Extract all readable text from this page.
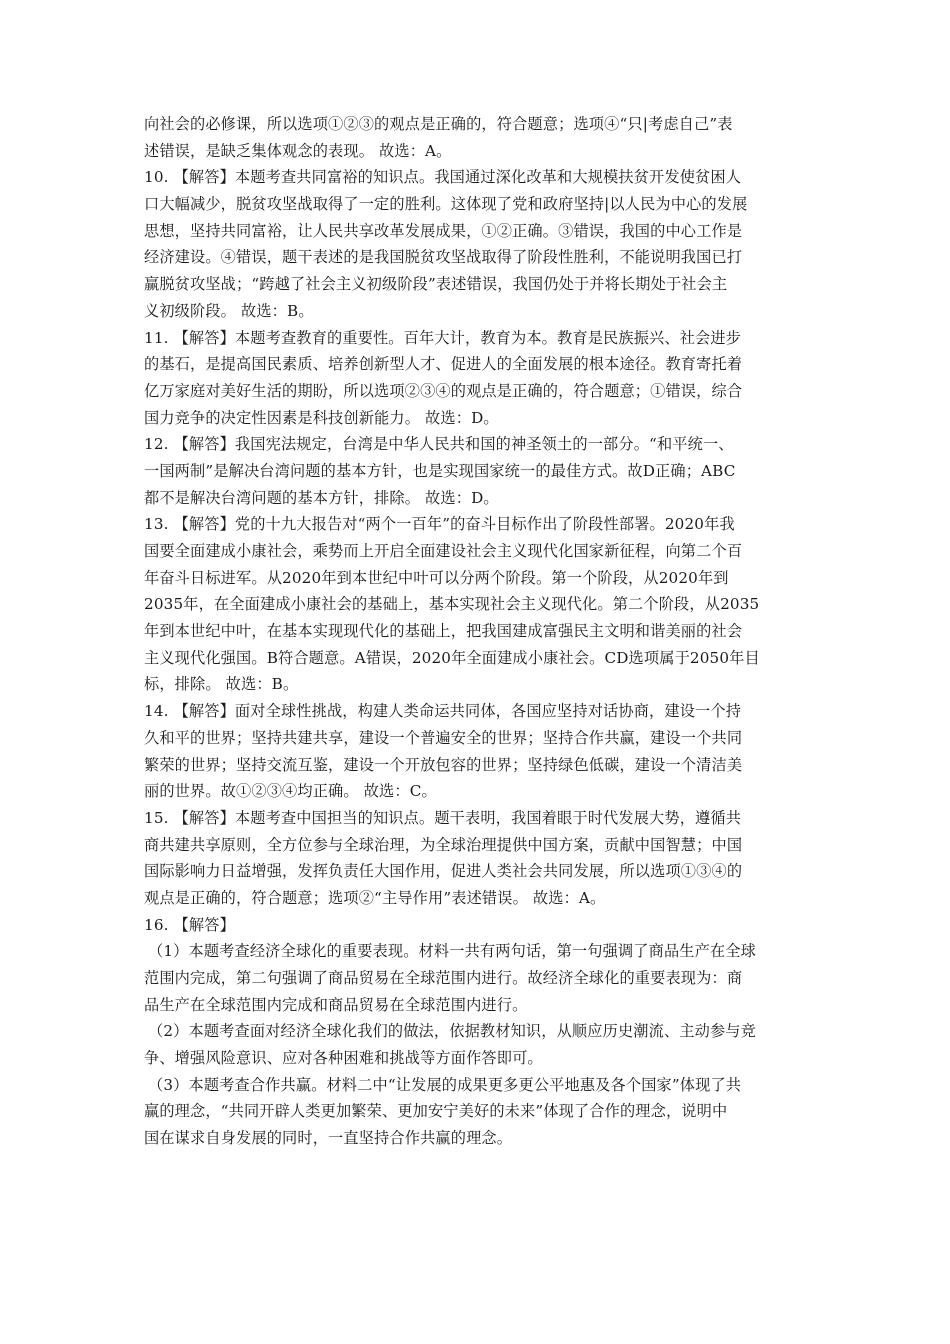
向社会的必修课，所以选项①②③的观点是正确的，符合题意；选项④“只|考虑自己”表
述错误，是缺乏集体观念的表现。 故选：A。
10. 【解答】本题考查共同富裕的知识点。我国通过深化改革和大规模扶贫开发使贫困人
口大幅减少，脱贫攻坚战取得了一定的胜利。这体现了党和政府坚持|以人民为中心的发展
思想，坚持共同富裕，让人民共享改革发展成果，①②正确。③错误，我国的中心工作是
经济建设。④错误，题干表述的是我国脱贫攻坚战取得了阶段性胜利，不能说明我国已打
赢脱贫攻坚战；“跨越了社会主义初级阶段”表述错误，我国仍处于并将长期处于社会主
义初级阶段。 故选：B。
11. 【解答】本题考查教育的重要性。百年大计，教育为本。教育是民族振兴、社会进步
的基石，是提高国民素质、培养创新型人才、促进人的全面发展的根本途径。教育寄托着
亿万家庭对美好生活的期盼，所以选项②③④的观点是正确的，符合题意；①错误，综合
国力竞争的决定性因素是科技创新能力。 故选：D。
12. 【解答】我国宪法规定，台湾是中华人民共和国的神圣领土的一部分。“和平统一、
一国两制”是解决台湾问题的基本方针，也是实现国家统一的最佳方式。故D正确；ABC
都不是解决台湾问题的基本方针，排除。 故选：D。
13. 【解答】党的十九大报告对“两个一百年”的奋斗目标作出了阶段性部署。2020年我
国要全面建成小康社会，乘势而上开启全面建设社会主义现代化国家新征程，向第二个百
年奋斗日标进军。从2020年到本世纪中叶可以分两个阶段。第一个阶段，从2020年到
2035年，在全面建成小康社会的基础上，基本实现社会主义现代化。第二个阶段，从2035
年到本世纪中叶，在基本实现现代化的基础上，把我国建成富强民主文明和谐美丽的社会
主义现代化强国。B符合题意。A错误，2020年全面建成小康社会。CD选项属于2050年目
标，排除。 故选：B。
14. 【解答】面对全球性挑战，构建人类命运共同体，各国应坚持对话协商，建设一个持
久和平的世界；坚持共建共享，建设一个普遍安全的世界；坚持合作共赢，建设一个共同
繁荣的世界；坚持交流互鉴，建设一个开放包容的世界；坚持绿色低碳，建设一个清洁美
丽的世界。故①②③④均正确。 故选：C。
15. 【解答】本题考查中国担当的知识点。题干表明，我国着眼于时代发展大势，遵循共
商共建共享原则，全方位参与全球治理，为全球治理提供中国方案，贡献中国智慧；中国
国际影响力日益增强，发挥负责任大国作用，促进人类社会共同发展，所以选项①③④的
观点是正确的，符合题意；选项②“主导作用”表述错误。 故选：A。
16. 【解答】
（1）本题考查经济全球化的重要表现。材料一共有两句话，第一句强调了商品生产在全球
范围内完成，第二句强调了商品贸易在全球范围内进行。故经济全球化的重要表现为：商
品生产在全球范围内完成和商品贸易在全球范围内进行。
（2）本题考查面对经济全球化我们的做法，依据教材知识，从顺应历史潮流、主动参与竞
争、增强风险意识、应对各种困难和挑战等方面作答即可。
（3）本题考查合作共赢。材料二中“让发展的成果更多更公平地惠及各个国家”体现了共
赢的理念，“共同开辟人类更加繁荣、更加安宁美好的未来”体现了合作的理念，说明中
国在谋求自身发展的同时，一直坚持合作共赢的理念。
